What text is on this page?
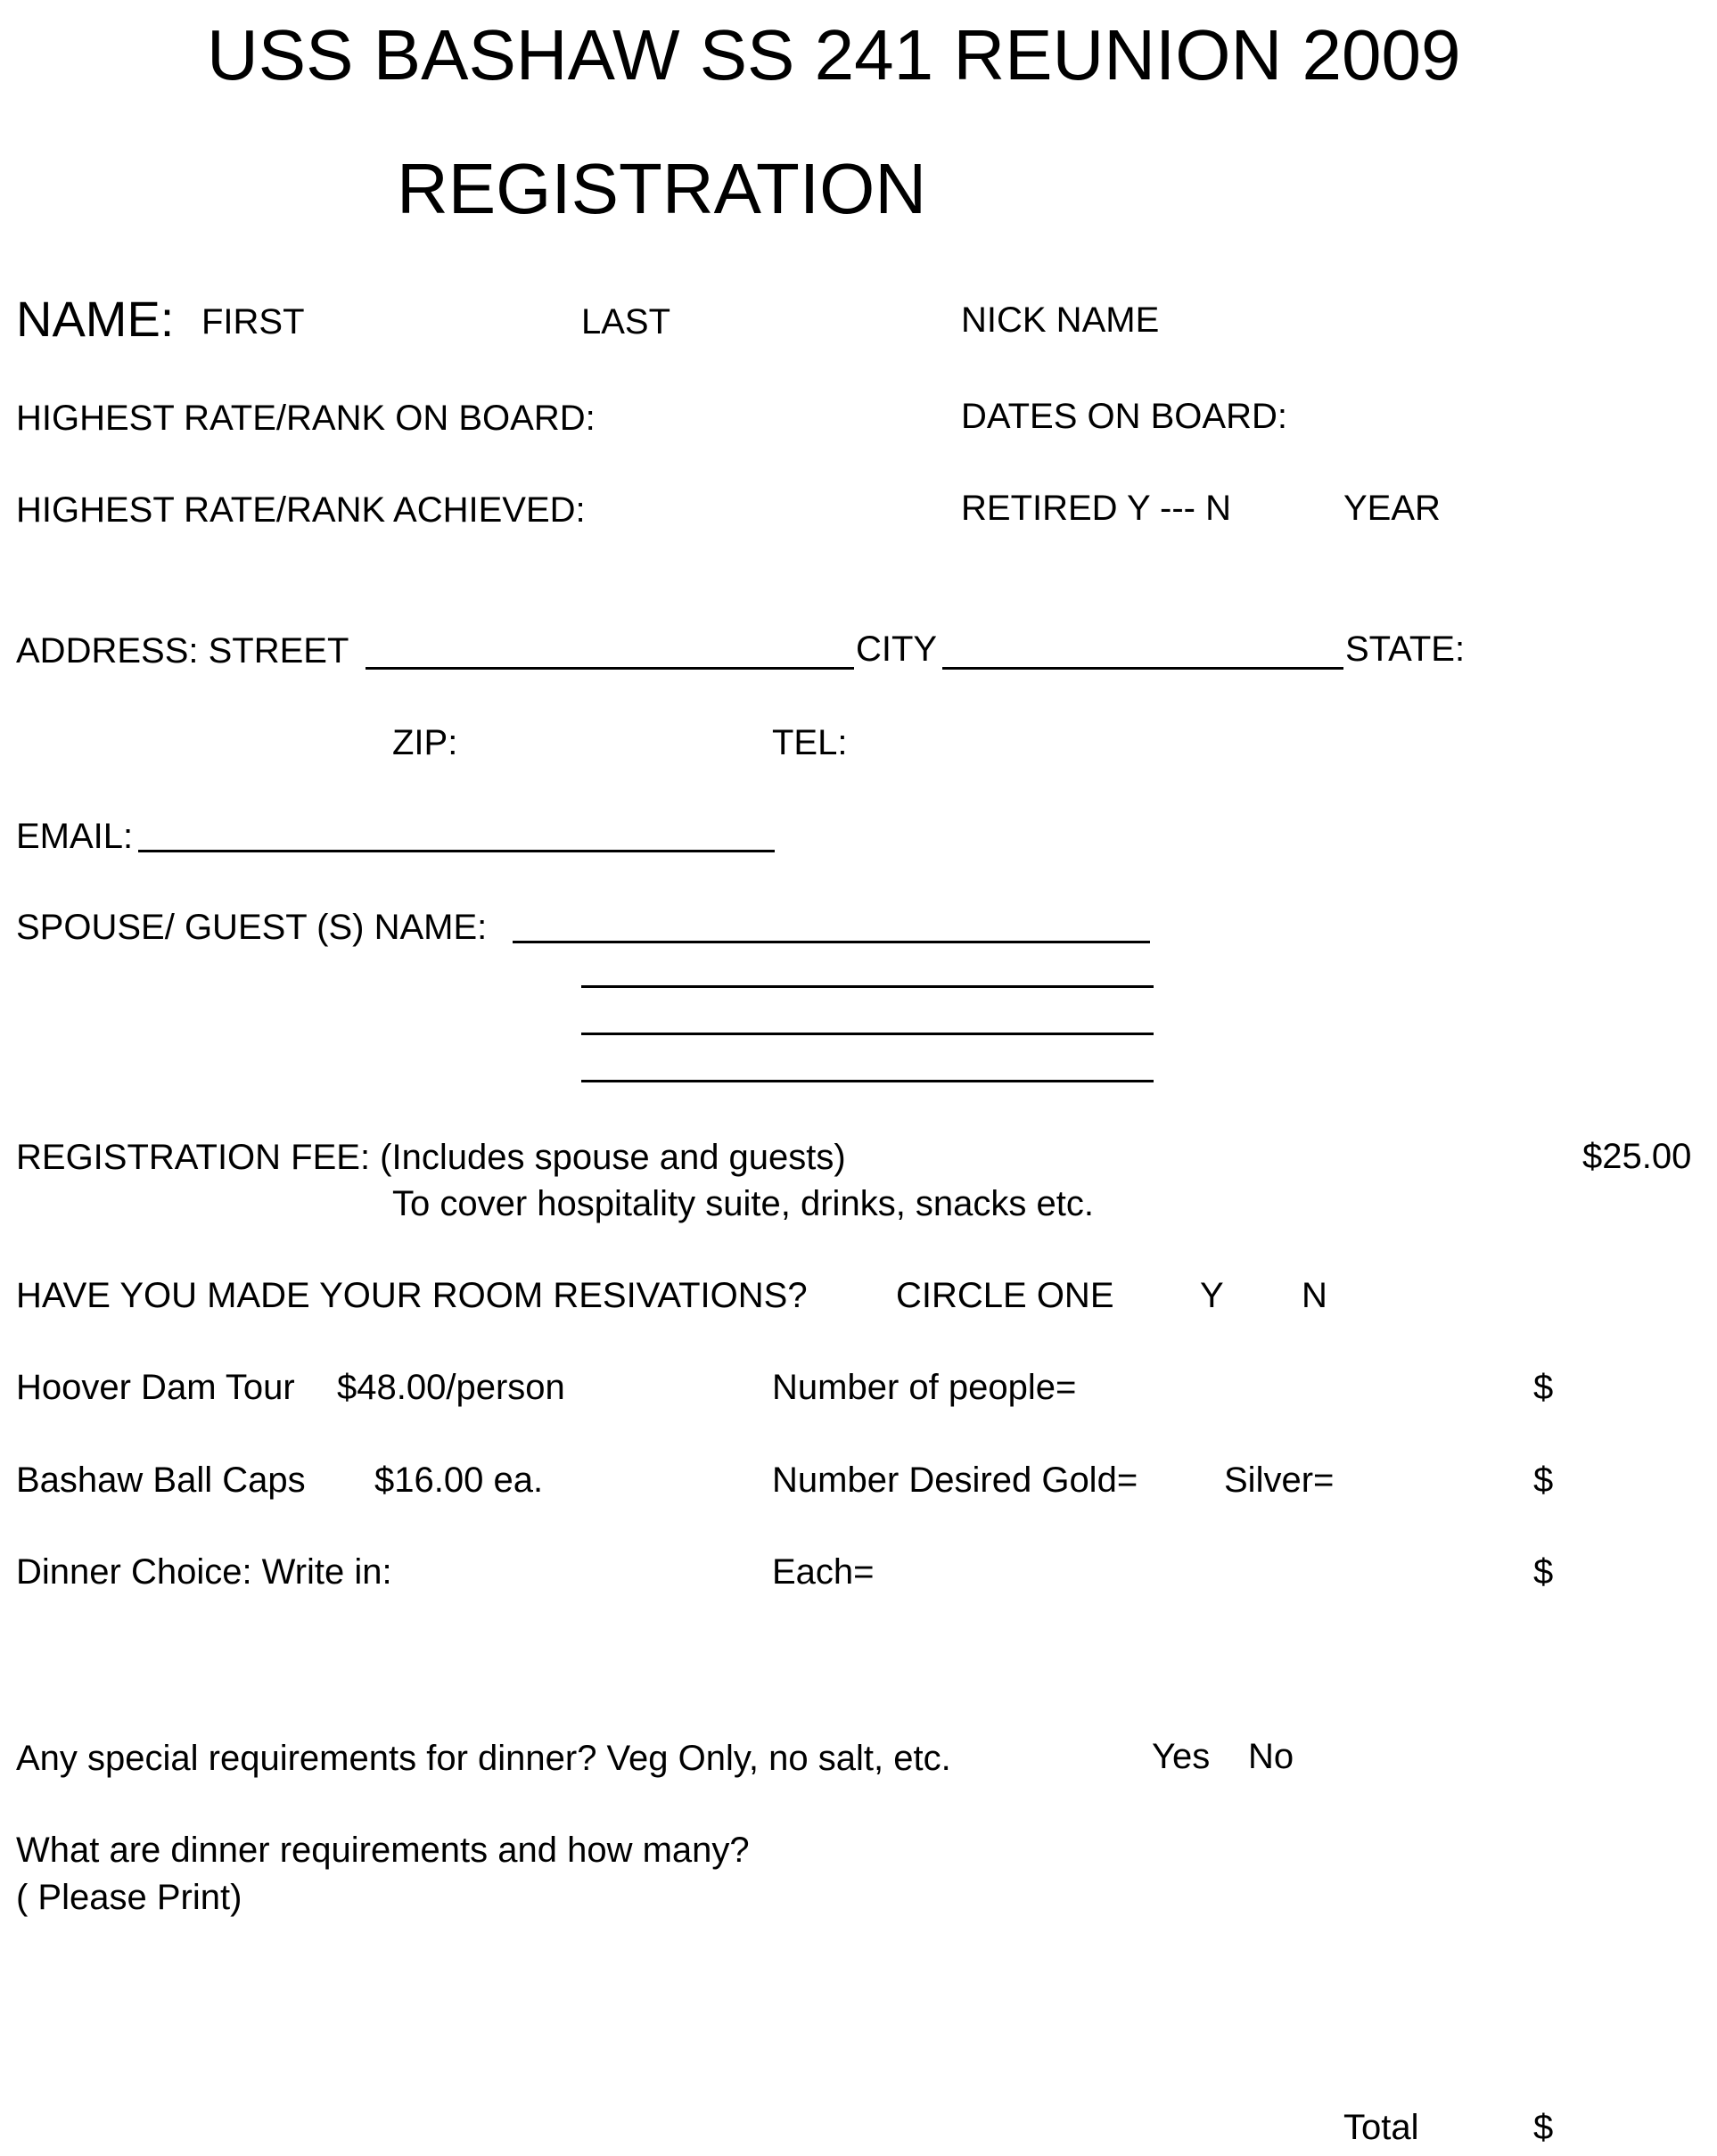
USS BASHAW SS 241 REUNION 2009
REGISTRATION
NAME: FIRST	LAST	NICK NAME
HIGHEST RATE/RANK ON BOARD:	DATES ON BOARD:
HIGHEST RATE/RANK ACHIEVED:	RETIRED Y --- N	YEAR
ADDRESS: STREET	CITY	STATE:
ZIP:	TEL:
EMAIL:
SPOUSE/ GUEST (S) NAME:
REGISTRATION FEE: (Includes spouse and guests)
To cover hospitality suite, drinks, snacks etc.
$25.00
HAVE YOU MADE YOUR ROOM RESIVATIONS? CIRCLE ONE Y N
Hoover Dam Tour $48.00/person	Number of people=	$
Bashaw Ball Caps $16.00 ea.	Number Desired Gold= Silver=	$
Dinner Choice: Write in:	Each=	$
Any special requirements for dinner? Veg Only, no salt, etc.	Yes No
What are dinner requirements and how many?
( Please Print)
Total	$
